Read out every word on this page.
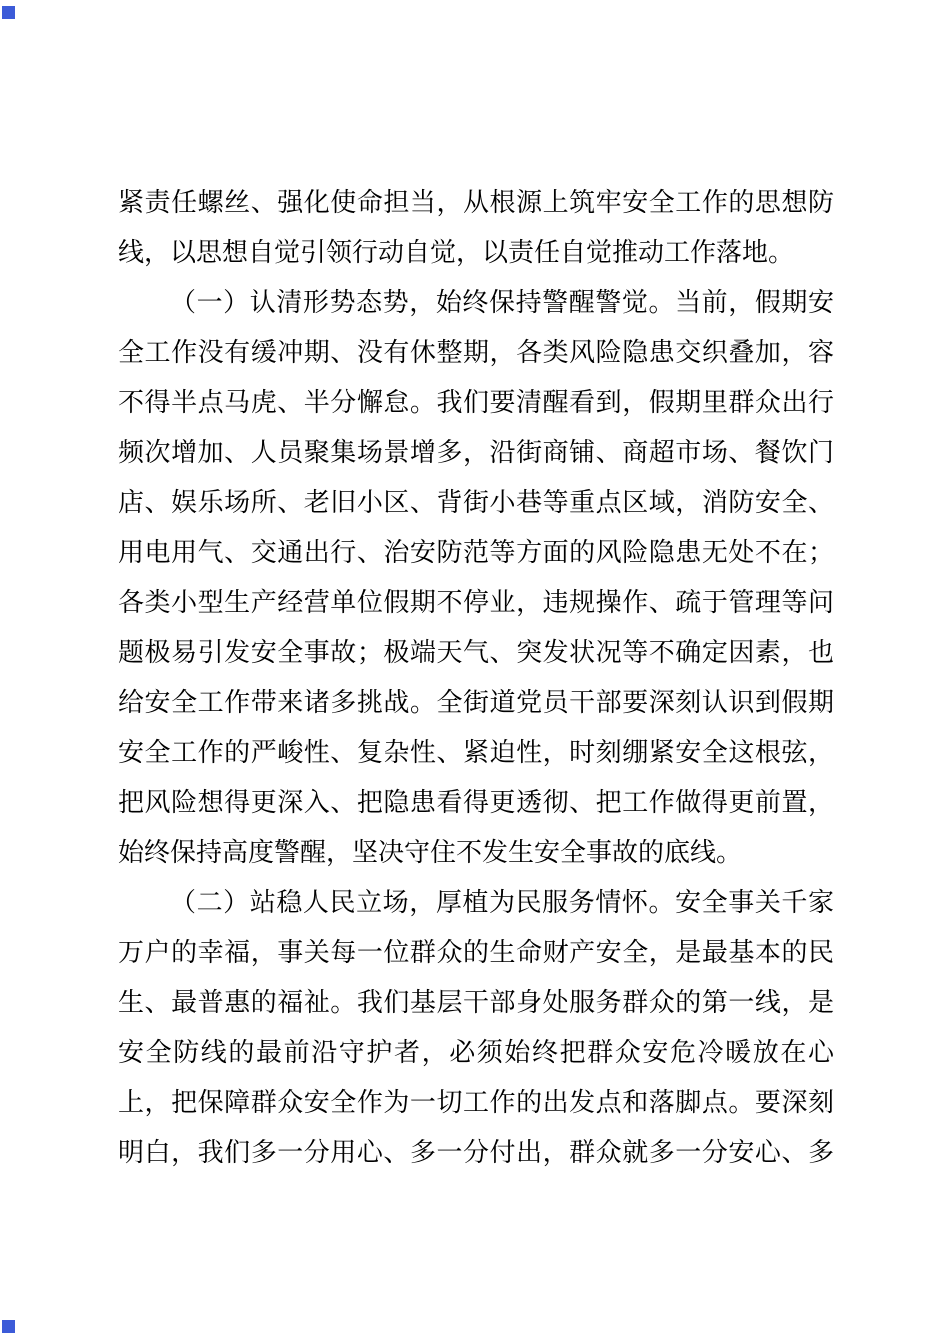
紧责任螺丝、强化使命担当，从根源上筑牢安全工作的思想防
线，以思想自觉引领行动自觉，以责任自觉推动工作落地。
（一）认清形势态势，始终保持警醒警觉。当前，假期安
全工作没有缓冲期、没有休整期，各类风险隐患交织叠加，容
不得半点马虎、半分懈怠。我们要清醒看到，假期里群众出行
频次增加、人员聚集场景增多，沿街商铺、商超市场、餐饮门
店、娱乐场所、老旧小区、背街小巷等重点区域，消防安全、
用电用气、交通出行、治安防范等方面的风险隐患无处不在；
各类小型生产经营单位假期不停业，违规操作、疏于管理等问
题极易引发安全事故；极端天气、突发状况等不确定因素，也
给安全工作带来诸多挑战。全街道党员干部要深刻认识到假期
安全工作的严峻性、复杂性、紧迫性，时刻绷紧安全这根弦，
把风险想得更深入、把隐患看得更透彻、把工作做得更前置，
始终保持高度警醒，坚决守住不发生安全事故的底线。
（二）站稳人民立场，厚植为民服务情怀。安全事关千家
万户的幸福，事关每一位群众的生命财产安全，是最基本的民
生、最普惠的福祉。我们基层干部身处服务群众的第一线，是
安全防线的最前沿守护者，必须始终把群众安危冷暖放在心
上，把保障群众安全作为一切工作的出发点和落脚点。要深刻
明白，我们多一分用心、多一分付出，群众就多一分安心、多
